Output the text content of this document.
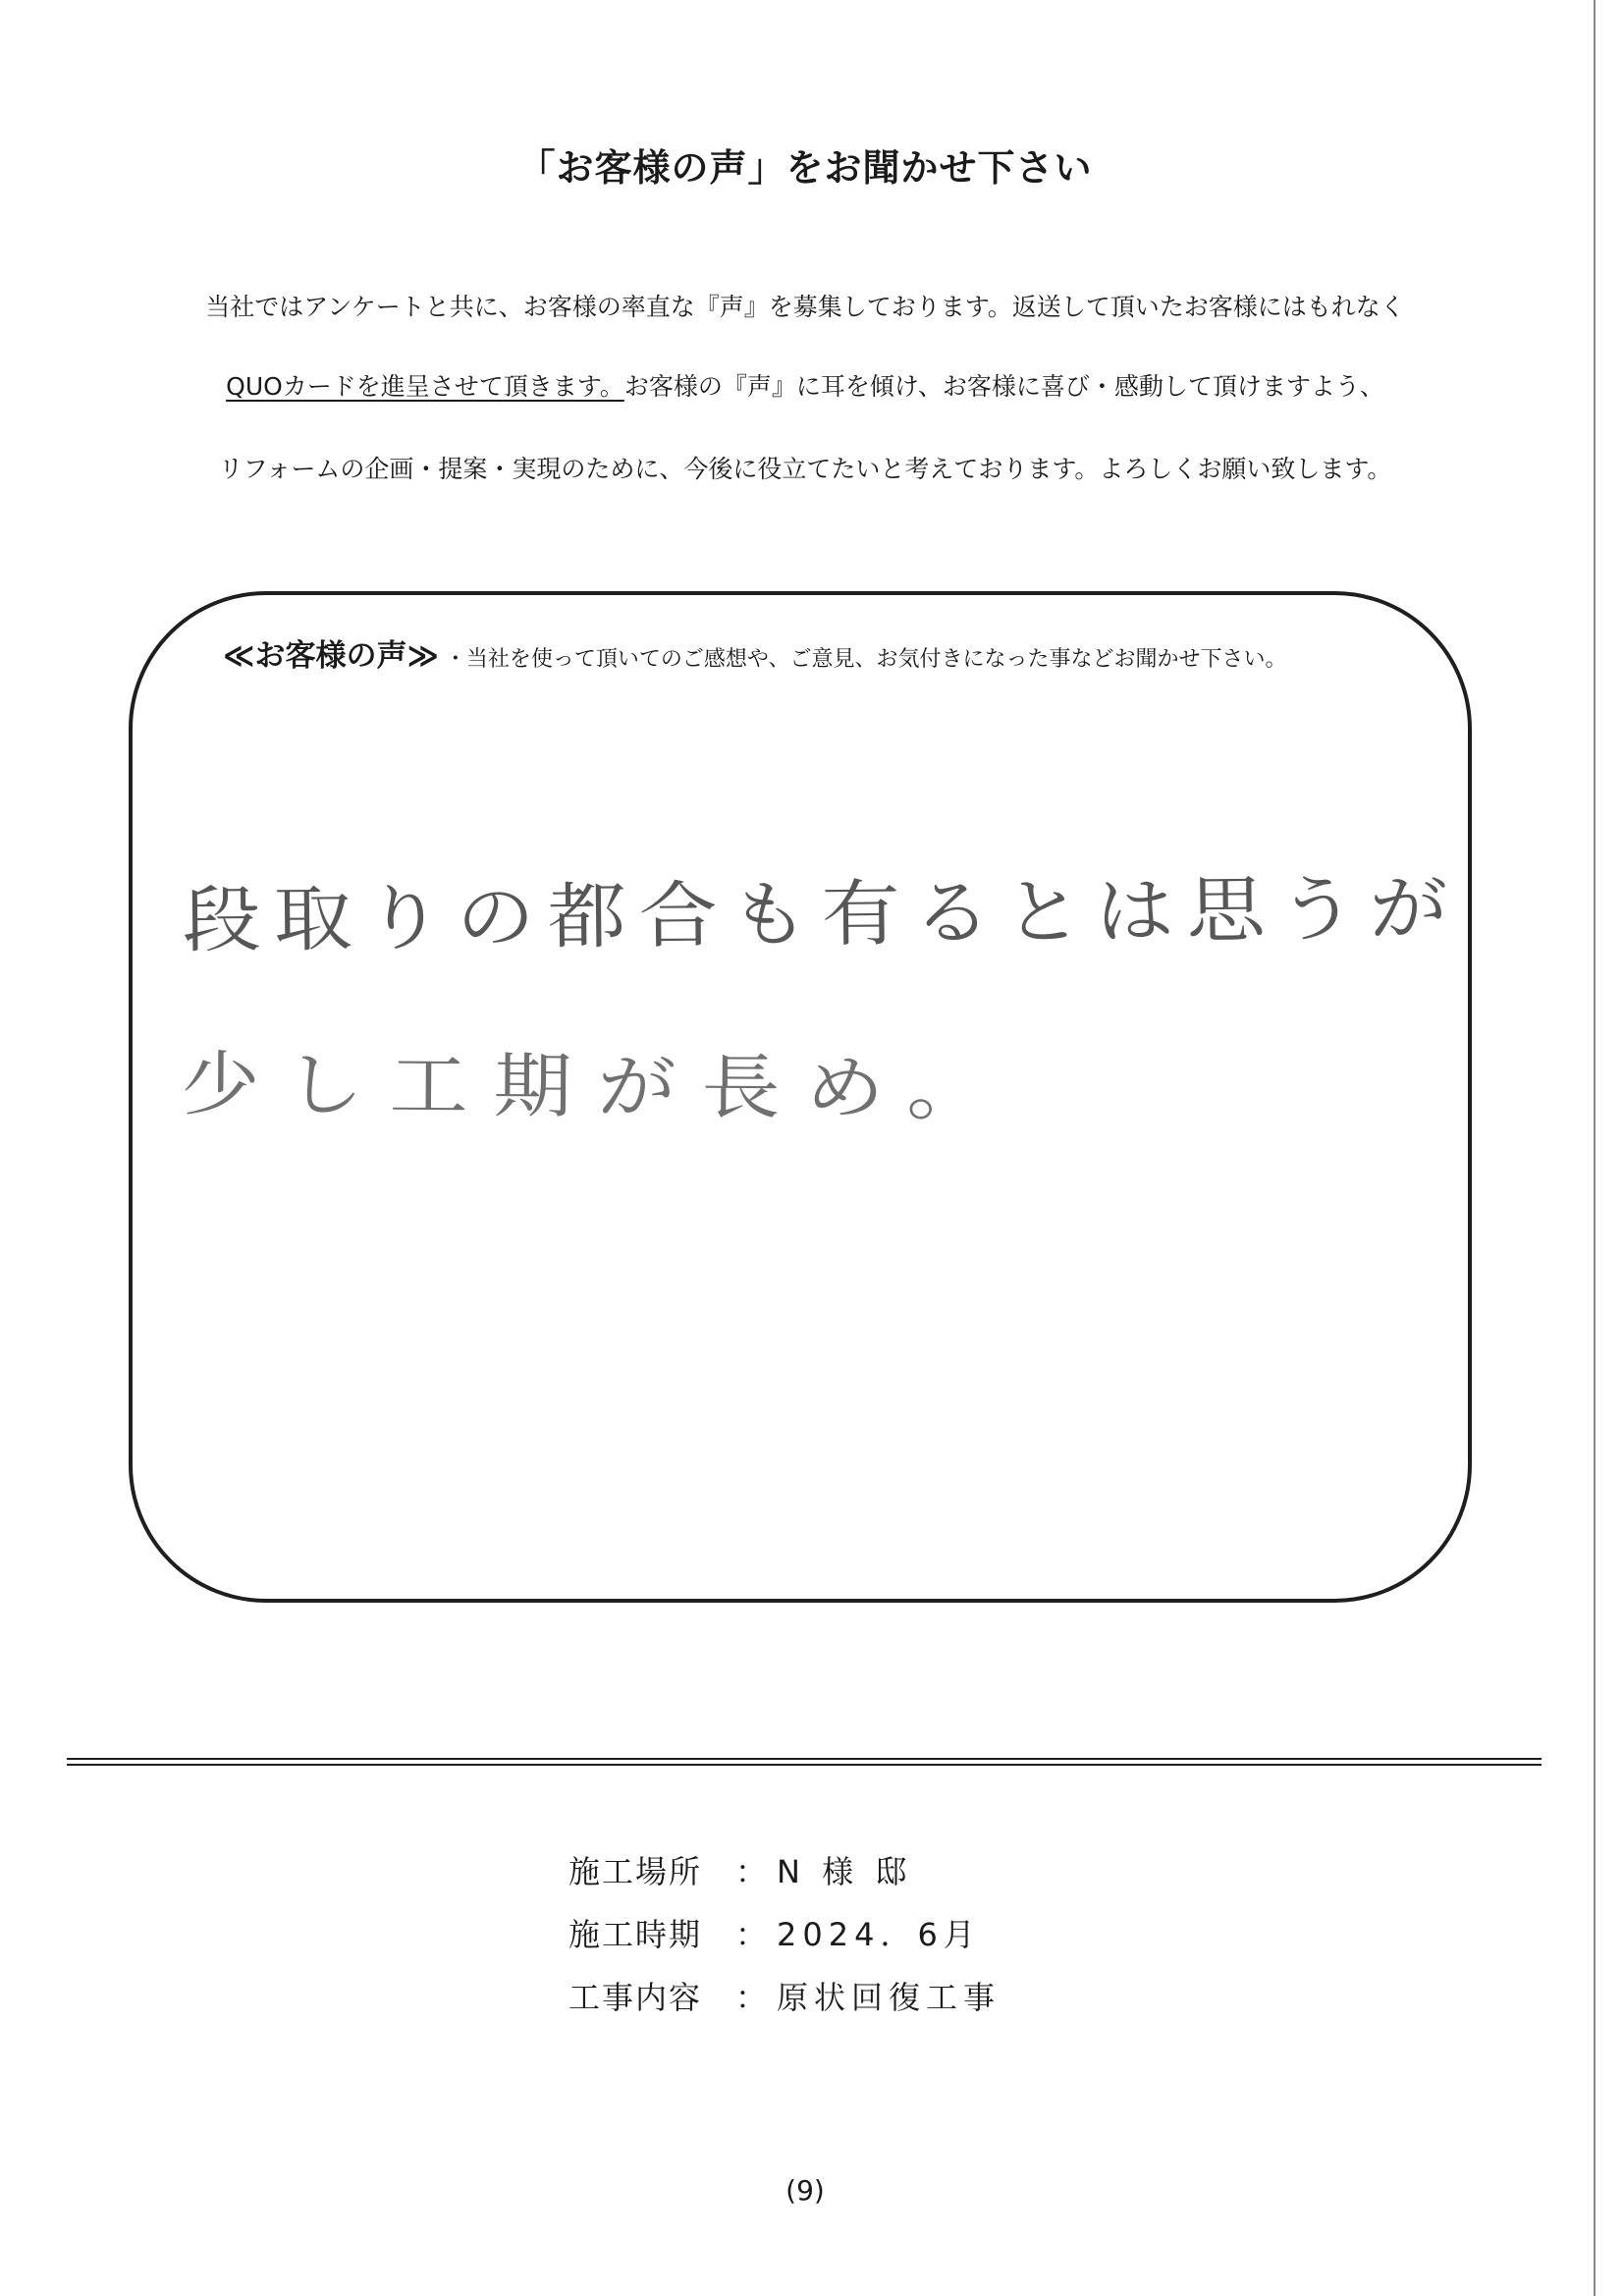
「お客様の声」をお聞かせ下さい
当社ではアンケートと共に、お客様の率直な『声』を募集しております。返送して頂いたお客様にはもれなく
QUOカードを進呈させて頂きます。お客様の『声』に耳を傾け、お客様に喜び・感動して頂けますよう、
リフォームの企画・提案・実現のために、今後に役立てたいと考えております。よろしくお願い致します。
≪お客様の声≫ ・当社を使って頂いてのご感想や、ご意見、お気付きになった事などお聞かせ下さい。
段取りの都合も有るとは思うが
少し工期が長め。
施工場所	： N 様 邸
施工時期	： 2024．6月
工事内容	： 原状回復工事
(9)
